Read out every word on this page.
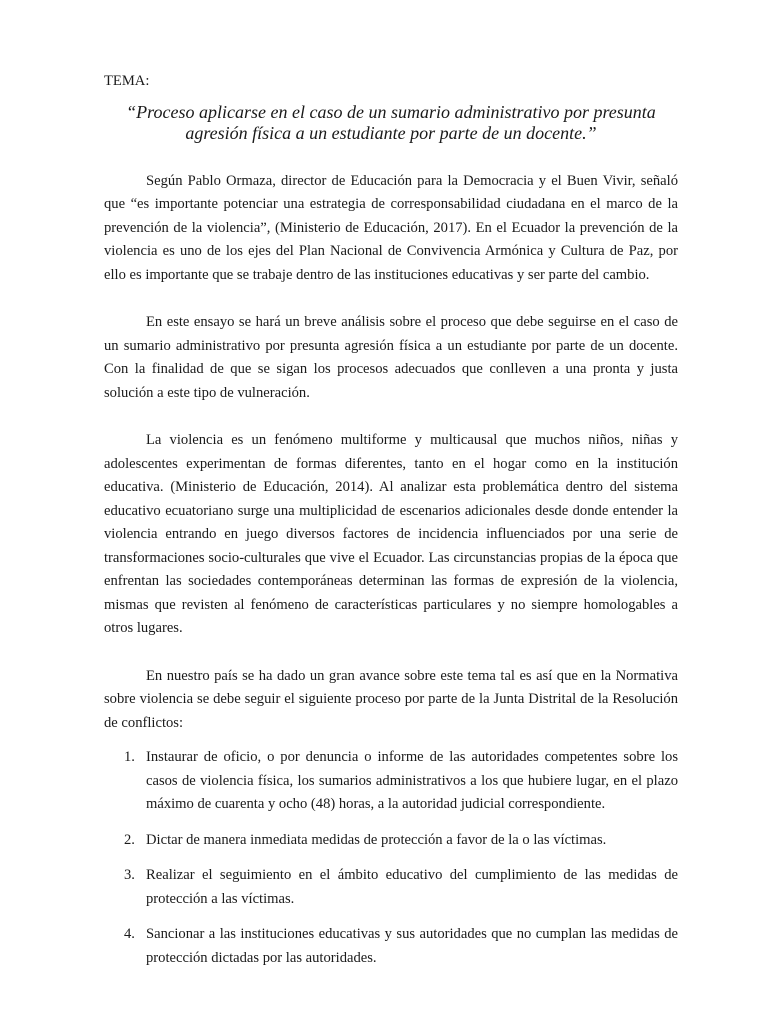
TEMA:
“Proceso aplicarse en el caso de un sumario administrativo por presunta
agresión física a un estudiante por parte de un docente.”

Según Pablo Ormaza, director de Educación para la Democracia y el Buen Vivir, señaló que “es importante potenciar una estrategia de corresponsabilidad ciudadana en el marco de la prevención de la violencia”, (Ministerio de Educación, 2017). En el Ecuador la prevención de la violencia es uno de los ejes del Plan Nacional de Convivencia Armónica y Cultura de Paz, por ello es importante que se trabaje dentro de las instituciones educativas y ser parte del cambio.

En este ensayo se hará un breve análisis sobre el proceso que debe seguirse en el caso de un sumario administrativo por presunta agresión física a un estudiante por parte de un docente. Con la finalidad de que se sigan los procesos adecuados que conlleven a una pronta y justa solución a este tipo de vulneración.

La violencia es un fenómeno multiforme y multicausal que muchos niños, niñas y adolescentes experimentan de formas diferentes, tanto en el hogar como en la institución educativa. (Ministerio de Educación, 2014). Al analizar esta problemática dentro del sistema educativo ecuatoriano surge una multiplicidad de escenarios adicionales desde donde entender la violencia entrando en juego diversos factores de incidencia influenciados por una serie de transformaciones socio-culturales que vive el Ecuador. Las circunstancias propias de la época que enfrentan las sociedades contemporáneas determinan las formas de expresión de la violencia, mismas que revisten al fenómeno de características particulares y no siempre homologables a otros lugares.

En nuestro país se ha dado un gran avance sobre este tema tal es así que en la Normativa sobre violencia se debe seguir el siguiente proceso por parte de la Junta Distrital de la Resolución de conflictos:

1. Instaurar de oficio, o por denuncia o informe de las autoridades competentes sobre los casos de violencia física, los sumarios administrativos a los que hubiere lugar, en el plazo máximo de cuarenta y ocho (48) horas, a la autoridad judicial correspondiente.
2. Dictar de manera inmediata medidas de protección a favor de la o las víctimas.
3. Realizar el seguimiento en el ámbito educativo del cumplimiento de las medidas de protección a las víctimas.
4. Sancionar a las instituciones educativas y sus autoridades que no cumplan las medidas de protección dictadas por las autoridades.
